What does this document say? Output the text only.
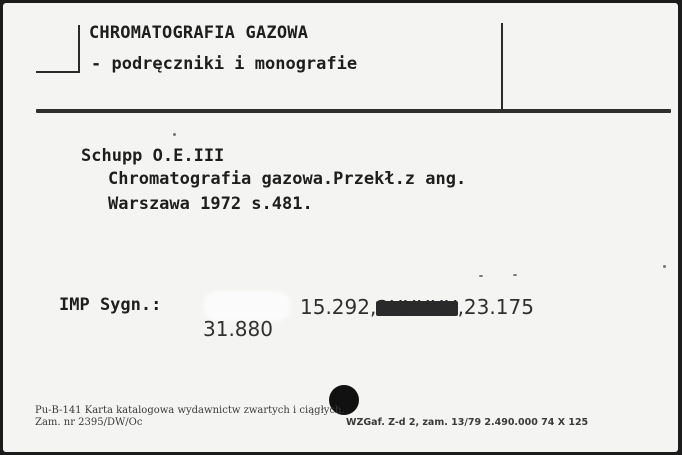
CHROMATOGRAFIA GAZOWA
- podręczniki i monografie
Schupp O.E.III
Chromatografia gazowa.Przekł.z ang.
Warszawa 1972 s.481.
IMP Sygn.:	15.292,2XXXXX,23.175
31.880
Pu-B-141 Karta katalogowa wydawnictw zwartych i ciągłych.
Zam. nr 2395/DW/Oc	WZGaf. Z-d 2, zam. 13/79 2.490.000 74 X 125
